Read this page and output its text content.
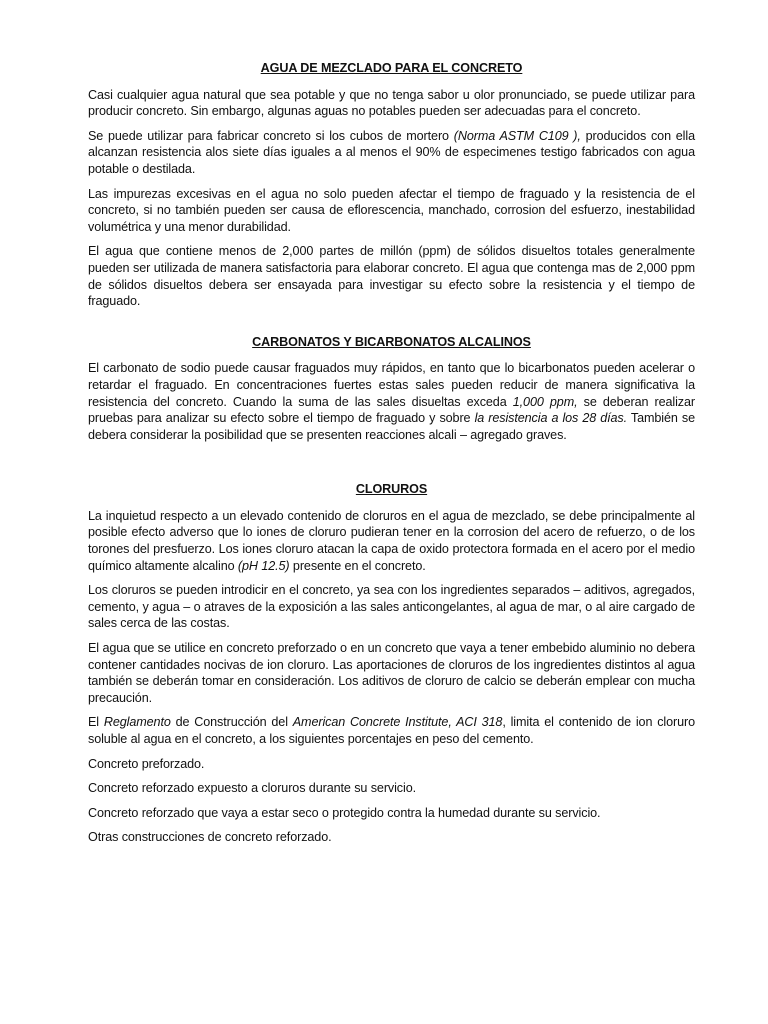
AGUA DE MEZCLADO PARA EL CONCRETO

Casi cualquier agua natural que sea potable y que no tenga sabor u olor pronunciado, se puede utilizar para producir concreto. Sin embargo, algunas aguas no potables pueden ser adecuadas para el concreto.

Se puede utilizar para fabricar concreto si los cubos de mortero (Norma ASTM C109 ), producidos con ella alcanzan resistencia alos siete días iguales a al menos el 90% de especimenes testigo fabricados con agua potable o destilada.

Las impurezas excesivas en el agua no solo pueden afectar el tiempo de fraguado y la resistencia de el concreto, si no también pueden ser causa de eflorescencia, manchado, corrosion del esfuerzo, inestabilidad volumétrica y una menor durabilidad.

El agua que contiene menos de 2,000 partes de millón (ppm) de sólidos disueltos totales generalmente pueden ser utilizada de manera satisfactoria para elaborar concreto. El agua que contenga mas de 2,000 ppm de sólidos disueltos debera ser ensayada para investigar su efecto sobre la resistencia y el tiempo de fraguado.

CARBONATOS Y BICARBONATOS ALCALINOS

El carbonato de sodio puede causar fraguados muy rápidos, en tanto que lo bicarbonatos pueden acelerar o retardar el fraguado. En concentraciones fuertes estas sales pueden reducir de manera significativa la resistencia del concreto. Cuando la suma de las sales disueltas exceda 1,000 ppm, se deberan realizar pruebas para analizar su efecto sobre el tiempo de fraguado y sobre la resistencia a los 28 días. También se debera considerar la posibilidad que se presenten reacciones alcali – agregado graves.

CLORUROS

La inquietud respecto a un elevado contenido de cloruros en el agua de mezclado, se debe principalmente al posible efecto adverso que lo iones de cloruro pudieran tener en la corrosion del acero de refuerzo, o de los torones del presfuerzo. Los iones cloruro atacan la capa de oxido protectora formada en el acero por el medio químico altamente alcalino (pH 12.5) presente en el concreto.

Los cloruros se pueden introdicir en el concreto, ya sea con los ingredientes separados – aditivos, agregados, cemento, y agua – o atraves de la exposición a las sales anticongelantes, al agua de mar, o al aire cargado de sales cerca de las costas.

El agua que se utilice en concreto preforzado o en un concreto que vaya a tener embebido aluminio no debera contener cantidades nocivas de ion cloruro. Las aportaciones de cloruros de los ingredientes distintos al agua también se deberán tomar en consideración. Los aditivos de cloruro de calcio se deberán emplear con mucha precaución.

El Reglamento de Construcción del American Concrete Institute, ACI 318, limita el contenido de ion cloruro soluble al agua en el concreto, a los siguientes porcentajes en peso del cemento.

Concreto preforzado.

Concreto reforzado expuesto a cloruros durante su servicio.

Concreto reforzado que vaya a estar seco o protegido contra la humedad durante su servicio.

Otras construcciones de concreto reforzado.
